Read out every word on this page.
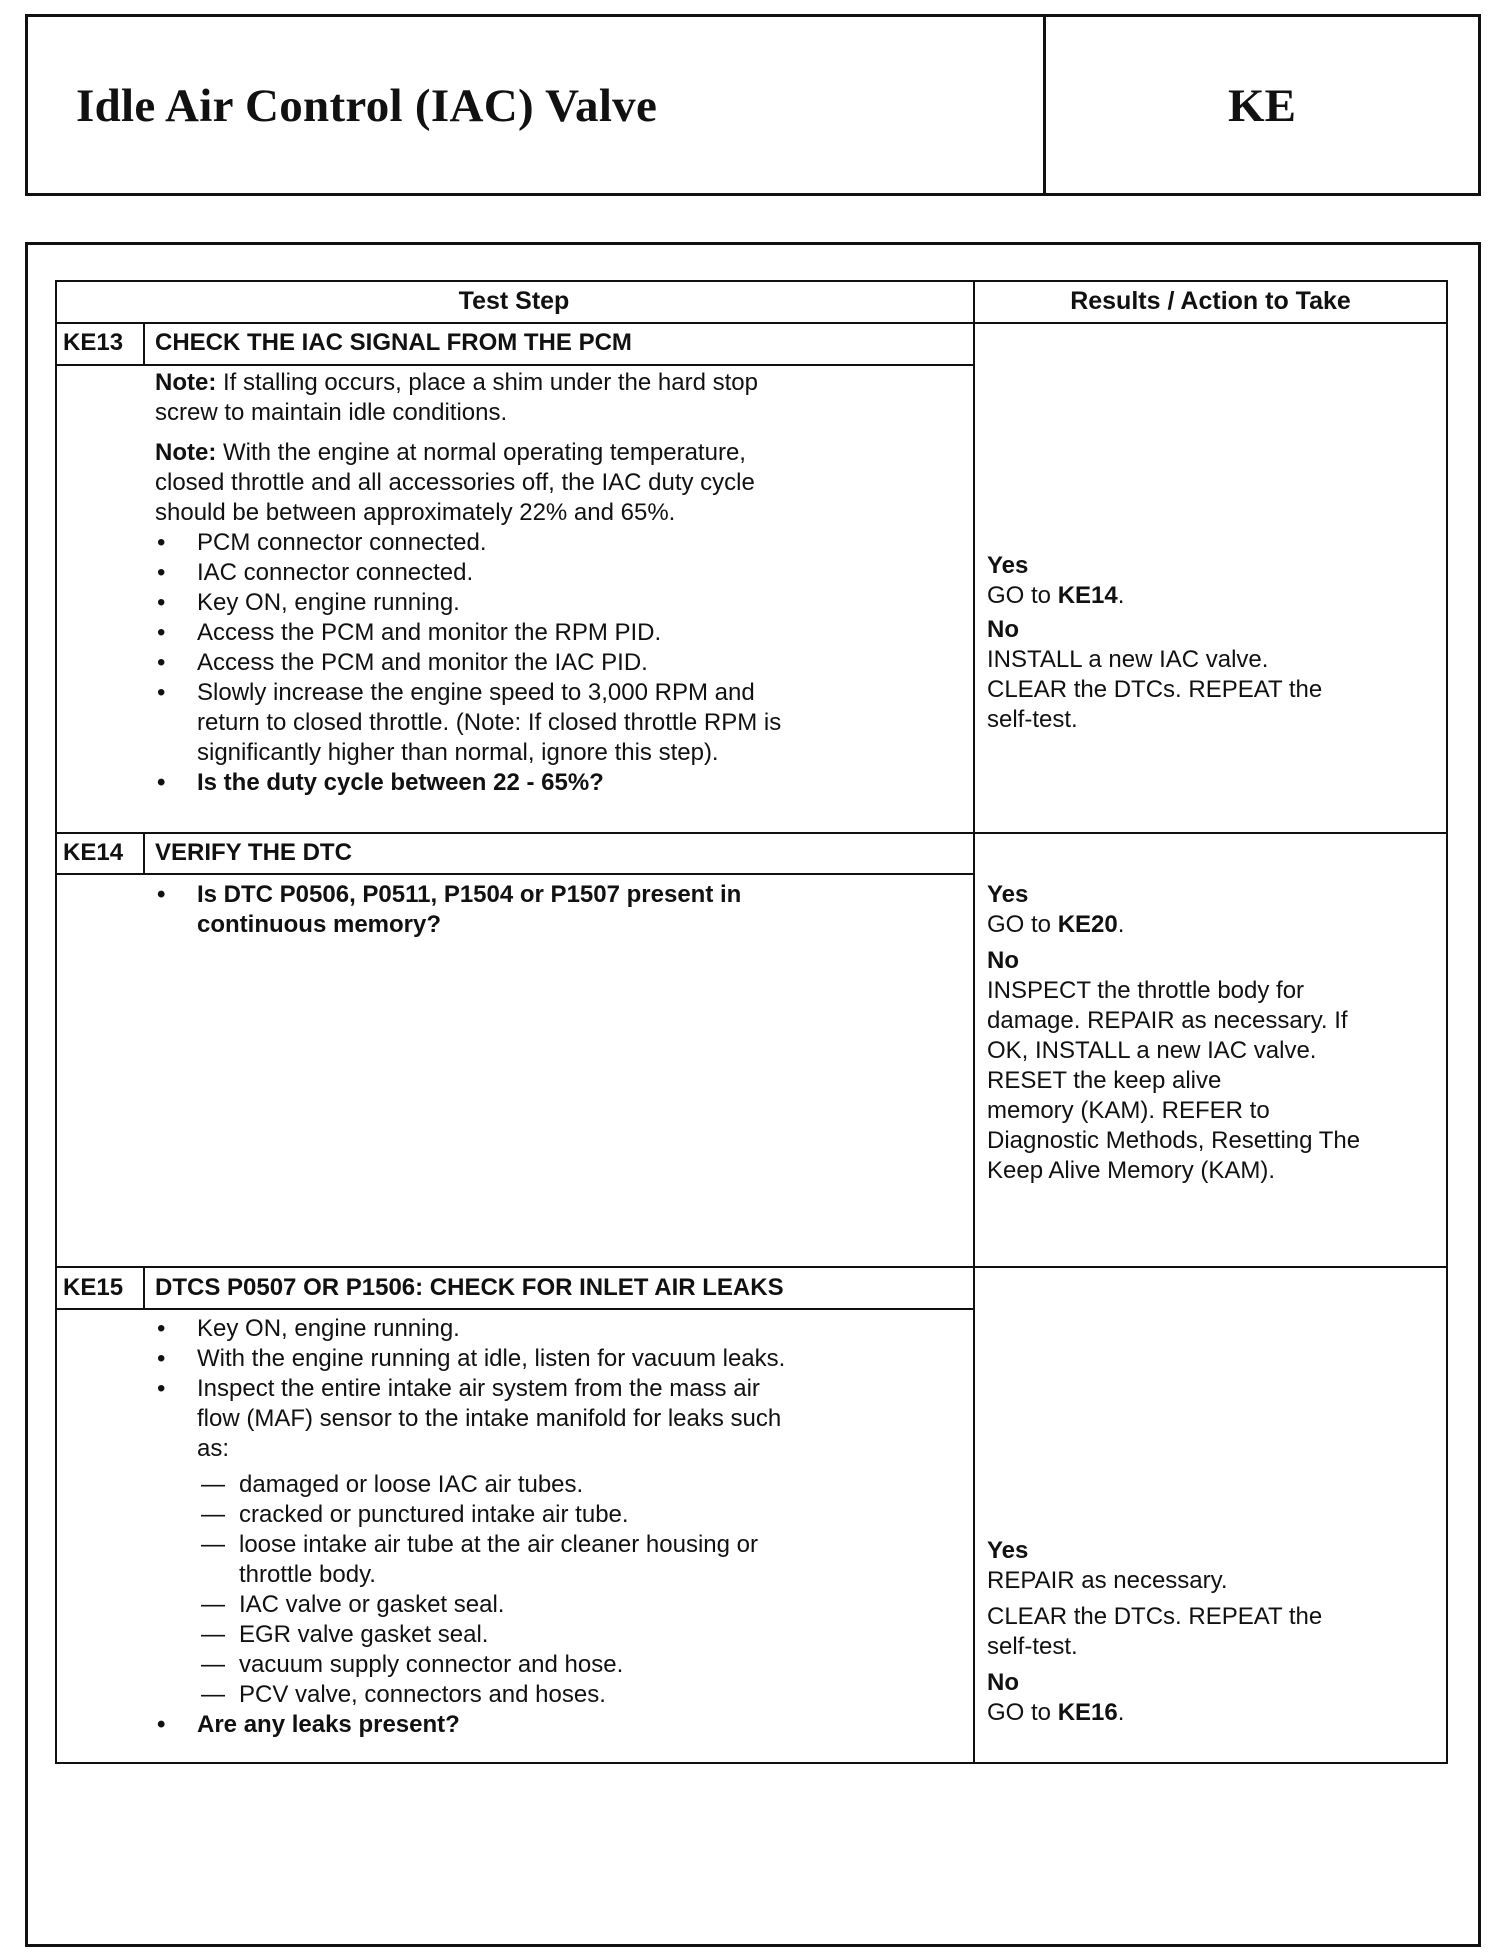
Idle Air Control (IAC) Valve	KE
Test Step	Results / Action to Take
KE13 CHECK THE IAC SIGNAL FROM THE PCM
Note: If stalling occurs, place a shim under the hard stop
screw to maintain idle conditions.
Note: With the engine at normal operating temperature,
closed throttle and all accessories off, the IAC duty cycle
should be between approximately 22% and 65%.
• PCM connector connected.
• IAC connector connected.
• Key ON, engine running.
• Access the PCM and monitor the RPM PID.
• Access the PCM and monitor the IAC PID.
• Slowly increase the engine speed to 3,000 RPM and
return to closed throttle. (Note: If closed throttle RPM is
significantly higher than normal, ignore this step).
• Is the duty cycle between 22 - 65%?
Yes
GO to KE14.
No
INSTALL a new IAC valve.
CLEAR the DTCs. REPEAT the
self-test.
KE14 VERIFY THE DTC
• Is DTC P0506, P0511, P1504 or P1507 present in
continuous memory?
Yes
GO to KE20.
No
INSPECT the throttle body for
damage. REPAIR as necessary. If
OK, INSTALL a new IAC valve.
RESET the keep alive
memory (KAM). REFER to
Diagnostic Methods, Resetting The
Keep Alive Memory (KAM).
KE15 DTCS P0507 OR P1506: CHECK FOR INLET AIR LEAKS
• Key ON, engine running.
• With the engine running at idle, listen for vacuum leaks.
• Inspect the entire intake air system from the mass air
flow (MAF) sensor to the intake manifold for leaks such
as:
— damaged or loose IAC air tubes.
— cracked or punctured intake air tube.
— loose intake air tube at the air cleaner housing or
throttle body.
— IAC valve or gasket seal.
— EGR valve gasket seal.
— vacuum supply connector and hose.
— PCV valve, connectors and hoses.
• Are any leaks present?
Yes
REPAIR as necessary.
CLEAR the DTCs. REPEAT the
self-test.
No
GO to KE16.
